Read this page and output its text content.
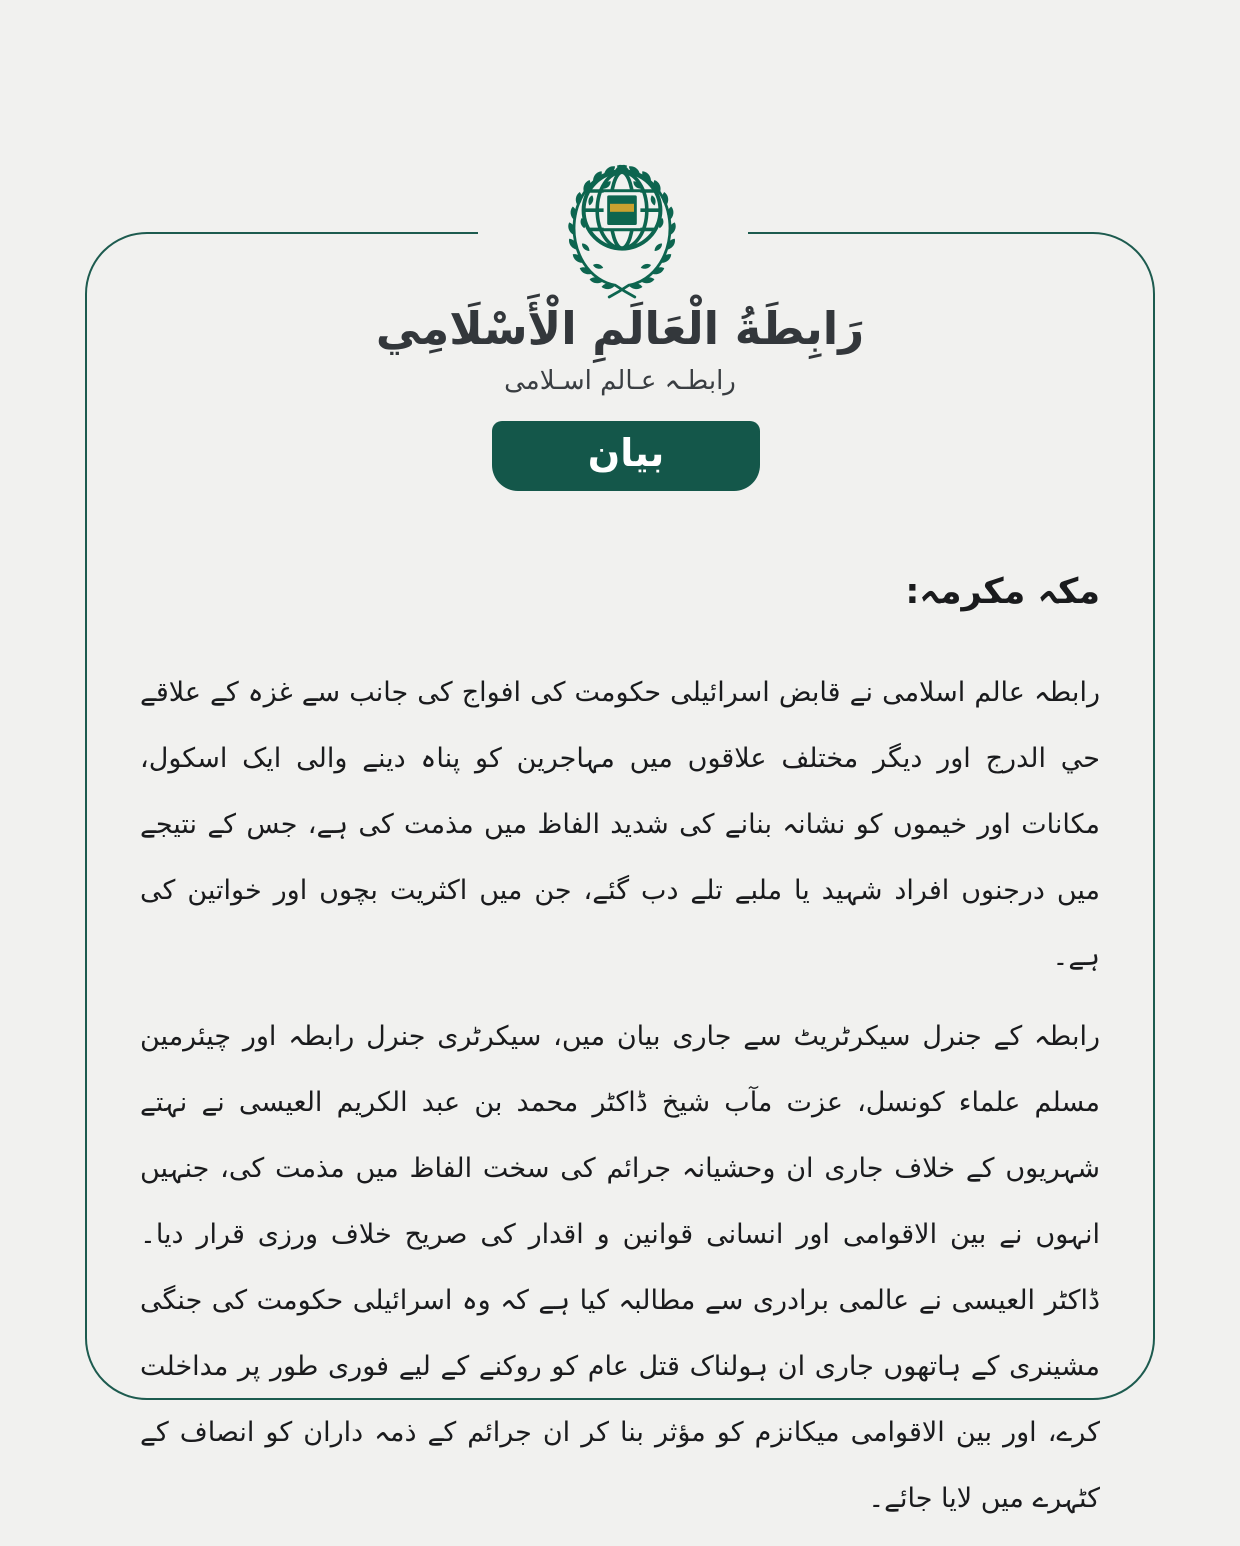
رَابِطَةُ الْعَالَمِ الْأَسْلَامِي
رابطـہ عـالم اسـلامی
بیان
مکہ مکرمہ:

رابطہ عالم اسلامی نے قابض اسرائیلی حکومت کی افواج کی جانب سے غزہ کے علاقے حي الدرج اور دیگر مختلف علاقوں میں مہاجرین کو پناہ دینے والی ایک اسکول، مکانات اور خیموں کو نشانہ بنانے کی شدید الفاظ میں مذمت کی ہے، جس کے نتیجے میں درجنوں افراد شہید یا ملبے تلے دب گئے، جن میں اکثریت بچوں اور خواتین کی ہے۔

رابطہ کے جنرل سیکرٹریٹ سے جاری بیان میں، سیکرٹری جنرل رابطہ اور چیئرمین مسلم علماء کونسل، عزت مآب شیخ ڈاکٹر محمد بن عبد الکریم العیسی نے نہتے شہریوں کے خلاف جاری ان وحشیانہ جرائم کی سخت الفاظ میں مذمت کی، جنہیں انہوں نے بین الاقوامی اور انسانی قوانین و اقدار کی صریح خلاف ورزی قرار دیا۔ ڈاکٹر العیسی نے عالمی برادری سے مطالبہ کیا ہے کہ وہ اسرائیلی حکومت کی جنگی مشینری کے ہاتھوں جاری ان ہولناک قتل عام کو روکنے کے لیے فوری طور پر مداخلت کرے، اور بین الاقوامی میکانزم کو مؤثر بنا کر ان جرائم کے ذمہ داران کو انصاف کے کٹہرے میں لایا جائے۔
